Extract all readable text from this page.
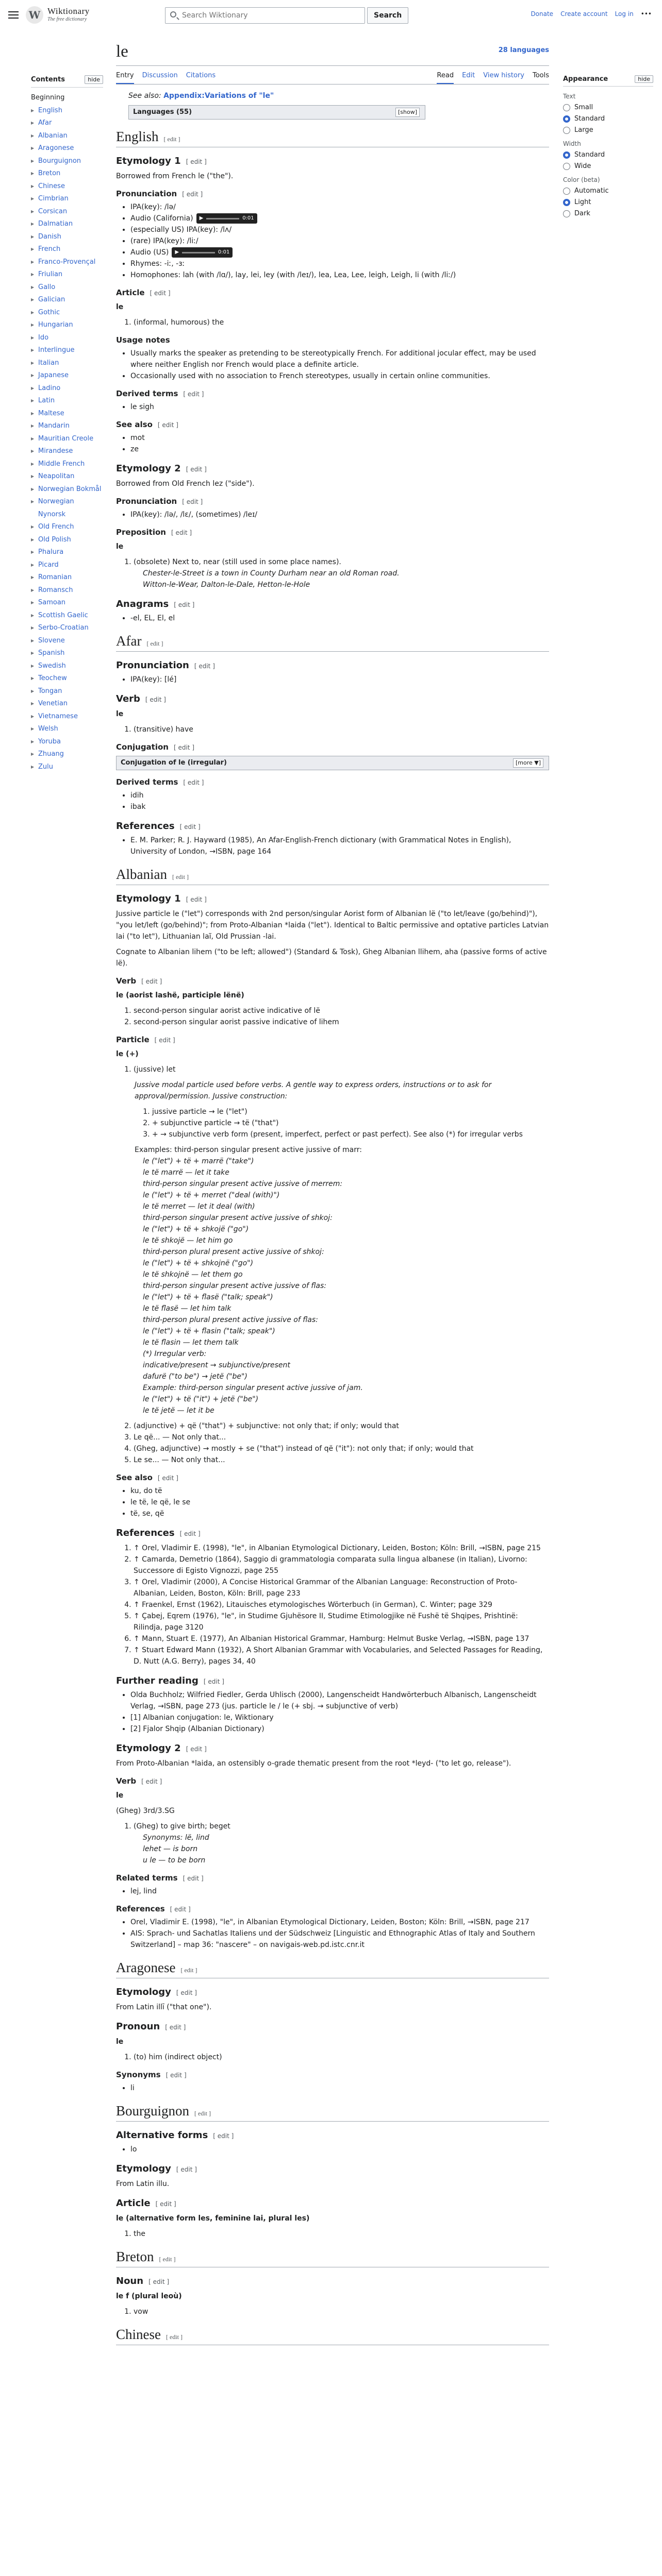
W Wiktionary
The free dictionary
Search Wiktionary	Search	Donate Create account Log in •••
Contents	hide
Beginning
▶ English
▶ Afar
▶ Albanian
▶ Aragonese
▶ Bourguignon
▶ Breton
▶ Chinese
▶ Cimbrian
▶ Corsican
▶ Dalmatian
▶ Danish
▶ French
▶ Franco-Provençal
▶ Friulian
▶ Gallo
▶ Galician
▶ Gothic
▶ Hungarian
▶ Ido
▶ Interlingue
▶ Italian
▶ Japanese
▶ Ladino
▶ Latin
▶ Maltese
▶ Mandarin
▶ Mauritian Creole
▶ Mirandese
▶ Middle French
▶ Neapolitan
▶ Norwegian Bokmål
▶ Norwegian Nynorsk
▶ Old French
▶ Old Polish
▶ Phalura
▶ Picard
▶ Romanian
▶ Romansch
▶ Samoan
▶ Scottish Gaelic
▶ Serbo-Croatian
▶ Slovene
▶ Spanish
▶ Swedish
▶ Teochew
▶ Tongan
▶ Venetian
▶ Vietnamese
▶ Welsh
▶ Yoruba
▶ Zhuang
▶ Zulu
Appearance	hide
Text
Small
Standard
Large
Width
Standard
Wide
Color (beta)
Automatic
Light
Dark
le	28 languages
Entry Discussion Citations	Read Edit View history Tools
See also: Appendix:Variations of "le"
[show]
Languages (55)
English [ edit ]
Etymology 1 [ edit ]
Borrowed from French le ("the").
Pronunciation [ edit ]
• IPA(key): /lə/
• Audio (California) ▶	0:01
• (especially US) IPA(key): /lʌ/
• (rare) IPA(key): /liː/
• Audio (US) ▶	0:01
• Rhymes: -iː, -ɜː
• Homophones: lah (with /lɑ/), lay, lei, ley (with /leɪ/), lea, Lea, Lee, leigh, Leigh, li (with /liː/)
Article [ edit ]
le
1. (informal, humorous) the
Usage notes
• Usually marks the speaker as pretending to be stereotypically French. For additional jocular effect, may be used where neither English nor French would place a definite article.
• Occasionally used with no association to French stereotypes, usually in certain online communities.
Derived terms [ edit ]
• le sigh
See also [ edit ]
• mot
• ze
Etymology 2 [ edit ]
Borrowed from Old French lez ("side").
Pronunciation [ edit ]
• IPA(key): /lə/, /lɛ/, (sometimes) /leɪ/
Preposition [ edit ]
le
1. (obsolete) Next to, near (still used in some place names).
Chester-le-Street is a town in County Durham near an old Roman road.
Witton-le-Wear, Dalton-le-Dale, Hetton-le-Hole
Anagrams [ edit ]
• -el, EL, El, el
Afar [ edit ]
Pronunciation [ edit ]
• IPA(key): [lé]
Verb [ edit ]
le
1. (transitive) have
Conjugation [ edit ]
[more ▼]
Conjugation of le (irregular)
Derived terms [ edit ]
• idih
• ibak
References [ edit ]
• E. M. Parker; R. J. Hayward (1985), An Afar-English-French dictionary (with Grammatical Notes in English), University of London, →ISBN, page 164
Albanian [ edit ]
Etymology 1 [ edit ]
Jussive particle le ("let") corresponds with 2nd person/singular Aorist form of Albanian lë ("to let/leave (go/behind)"), "you let/left (go/behind)"; from Proto-Albanian *laida ("let"). Identical to Baltic permissive and optative particles Latvian lai ("to let"), Lithuanian laĩ, Old Prussian -lai.
Cognate to Albanian lihem ("to be left; allowed") (Standard & Tosk), Gheg Albanian llihem, aha (passive forms of active lë).
Verb [ edit ]
le (aorist lashë, participle lënë)
1. second-person singular aorist active indicative of lë
2. second-person singular aorist passive indicative of lihem
Particle [ edit ]
le (+)
1. (jussive) let
Jussive modal particle used before verbs. A gentle way to express orders, instructions or to ask for approval/permission. Jussive construction:
1. jussive particle → le ("let")
2. + subjunctive particle → të ("that")
3. + → subjunctive verb form (present, imperfect, perfect or past perfect). See also (*) for irregular verbs
Examples: third-person singular present active jussive of marr:
le ("let") + të + marrë ("take")
le të marrë — let it take
third-person singular present active jussive of merrem:
le ("let") + të + merret ("deal (with)")
le të merret — let it deal (with)
third-person singular present active jussive of shkoj:
le ("let") + të + shkojë ("go")
le të shkojë — let him go
third-person plural present active jussive of shkoj:
le ("let") + të + shkojnë ("go")
le të shkojnë — let them go
third-person singular present active jussive of flas:
le ("let") + të + flasë ("talk; speak")
le të flasë — let him talk
third-person plural present active jussive of flas:
le ("let") + të + flasin ("talk; speak")
le të flasin — let them talk
(*) Irregular verb:
indicative/present → subjunctive/present
dafurë ("to be") → jetë ("be")
Example: third-person singular present active jussive of jam.
le ("let") + të ("it") + jetë ("be")
le të jetë — let it be
2. (adjunctive) + që ("that") + subjunctive: not only that; if only; would that
3. Le që... — Not only that...
4. (Gheg, adjunctive) → mostly + se ("that") instead of që ("it"): not only that; if only; would that
5. Le se... — Not only that...
See also [ edit ]
• ku, do të
• le të, le që, le se
• të, se, që
References [ edit ]
1. ↑ Orel, Vladimir E. (1998), "le", in Albanian Etymological Dictionary, Leiden, Boston; Köln: Brill, →ISBN, page 215
2. ↑ Camarda, Demetrio (1864), Saggio di grammatologia comparata sulla lingua albanese (in Italian), Livorno: Successore di Egisto Vignozzi, page 255
3. ↑ Orel, Vladimir (2000), A Concise Historical Grammar of the Albanian Language: Reconstruction of Proto-Albanian, Leiden, Boston, Köln: Brill, page 233
4. ↑ Fraenkel, Ernst (1962), Litauisches etymologisches Wörterbuch (in German), C. Winter; page 329
5. ↑ Çabej, Eqrem (1976), "le", in Studime Gjuhësore II, Studime Etimologjike në Fushë të Shqipes, Prishtinë: Rilindja, page 3120
6. ↑ Mann, Stuart E. (1977), An Albanian Historical Grammar, Hamburg: Helmut Buske Verlag, →ISBN, page 137
7. ↑ Stuart Edward Mann (1932), A Short Albanian Grammar with Vocabularies, and Selected Passages for Reading, D. Nutt (A.G. Berry), pages 34, 40
Further reading [ edit ]
• Olda Buchholz; Wilfried Fiedler, Gerda Uhlisch (2000), Langenscheidt Handwörterbuch Albanisch, Langenscheidt Verlag, →ISBN, page 273 (jus. particle le / le (+ sbj. → subjunctive of verb)
• [1] Albanian conjugation: le, Wiktionary
• [2] Fjalor Shqip (Albanian Dictionary)
Etymology 2 [ edit ]
From Proto-Albanian *laida, an ostensibly o-grade thematic present from the root *leyd- ("to let go, release").
Verb [ edit ]
le
(Gheg) 3rd/3.SG
1. (Gheg) to give birth; beget
Synonyms: lë, lind
lehet — is born
u le — to be born
Related terms [ edit ]
• lej, lind
References [ edit ]
• Orel, Vladimir E. (1998), "le", in Albanian Etymological Dictionary, Leiden, Boston; Köln: Brill, →ISBN, page 217
• AIS: Sprach- und Sachatlas Italiens und der Südschweiz [Linguistic and Ethnographic Atlas of Italy and Southern Switzerland] – map 36: "nascere" – on navigais-web.pd.istc.cnr.it
Aragonese [ edit ]
Etymology [ edit ]
From Latin illī ("that one").
Pronoun [ edit ]
le
1. (to) him (indirect object)
Synonyms [ edit ]
• li
Bourguignon [ edit ]
Alternative forms [ edit ]
• lo
Etymology [ edit ]
From Latin illu.
Article [ edit ]
le (alternative form les, feminine lai, plural les)
1. the
Breton [ edit ]
Noun [ edit ]
le f (plural leoù)
1. vow
Chinese [ edit ]
